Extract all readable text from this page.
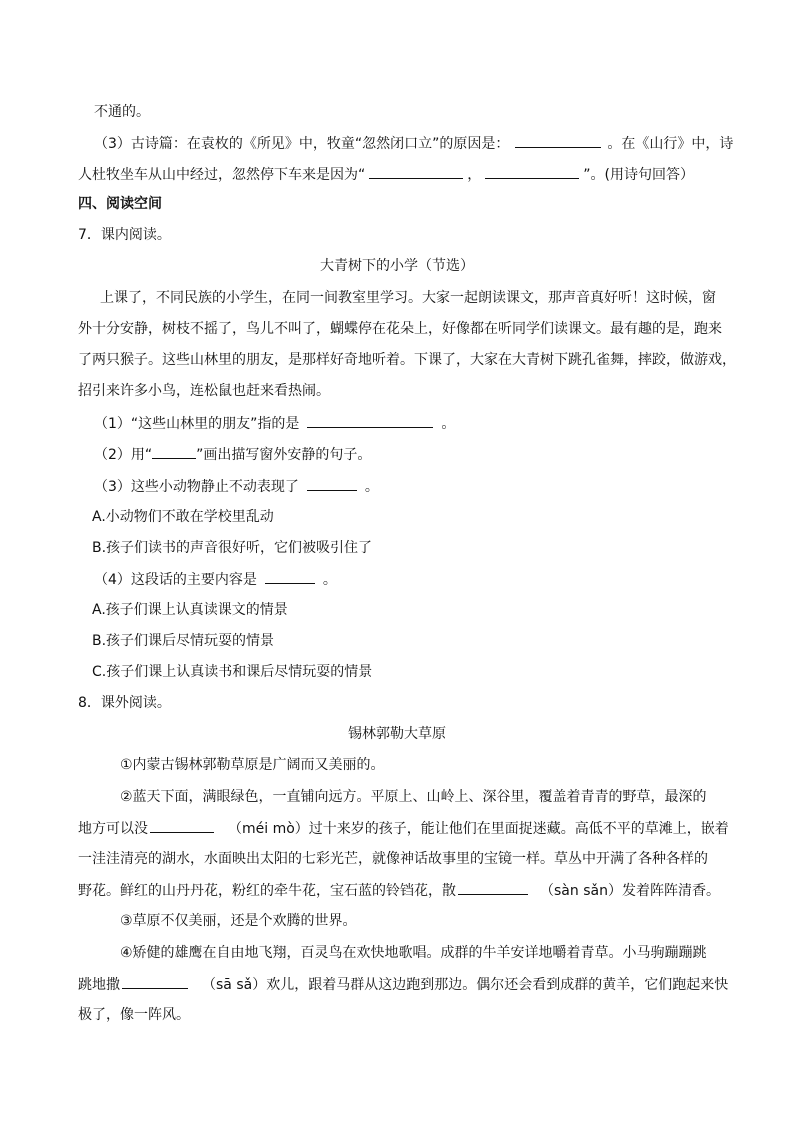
不通的。
（3）古诗篇：在袁枚的《所见》中，牧童“忽然闭口立”的原因是：	。在《山行》中，诗
人杜牧坐车从山中经过，忽然停下车来是因为“	，	”。(用诗句回答）
四、阅读空间
7．课内阅读。
大青树下的小学（节选）
上课了，不同民族的小学生，在同一间教室里学习。大家一起朗读课文，那声音真好听！这时候，窗
外十分安静，树枝不摇了，鸟儿不叫了，蝴蝶停在花朵上，好像都在听同学们读课文。最有趣的是，跑来
了两只猴子。这些山林里的朋友，是那样好奇地听着。下课了，大家在大青树下跳孔雀舞，摔跤，做游戏，
招引来许多小鸟，连松鼠也赶来看热闹。
（1）“这些山林里的朋友”指的是	。
（2）用“	”画出描写窗外安静的句子。
（3）这些小动物静止不动表现了	。
A.小动物们不敢在学校里乱动
B.孩子们读书的声音很好听，它们被吸引住了
（4）这段话的主要内容是	。
A.孩子们课上认真读课文的情景
B.孩子们课后尽情玩耍的情景
C.孩子们课上认真读书和课后尽情玩耍的情景
8．课外阅读。
锡林郭勒大草原
①内蒙古锡林郭勒草原是广阔而又美丽的。
②蓝天下面，满眼绿色，一直铺向远方。平原上、山岭上、深谷里，覆盖着青青的野草，最深的
地方可以没	（méi mò）过十来岁的孩子，能让他们在里面捉迷藏。高低不平的草滩上，嵌着
一洼洼清亮的湖水，水面映出太阳的七彩光芒，就像神话故事里的宝镜一样。草丛中开满了各种各样的
野花。鲜红的山丹丹花，粉红的牵牛花，宝石蓝的铃铛花，散	（sàn sǎn）发着阵阵清香。
③草原不仅美丽，还是个欢腾的世界。
④矫健的雄鹰在自由地飞翔，百灵鸟在欢快地歌唱。成群的牛羊安详地嚼着青草。小马驹蹦蹦跳
跳地撒	（sā sǎ）欢儿，跟着马群从这边跑到那边。偶尔还会看到成群的黄羊，它们跑起来快
极了，像一阵风。
